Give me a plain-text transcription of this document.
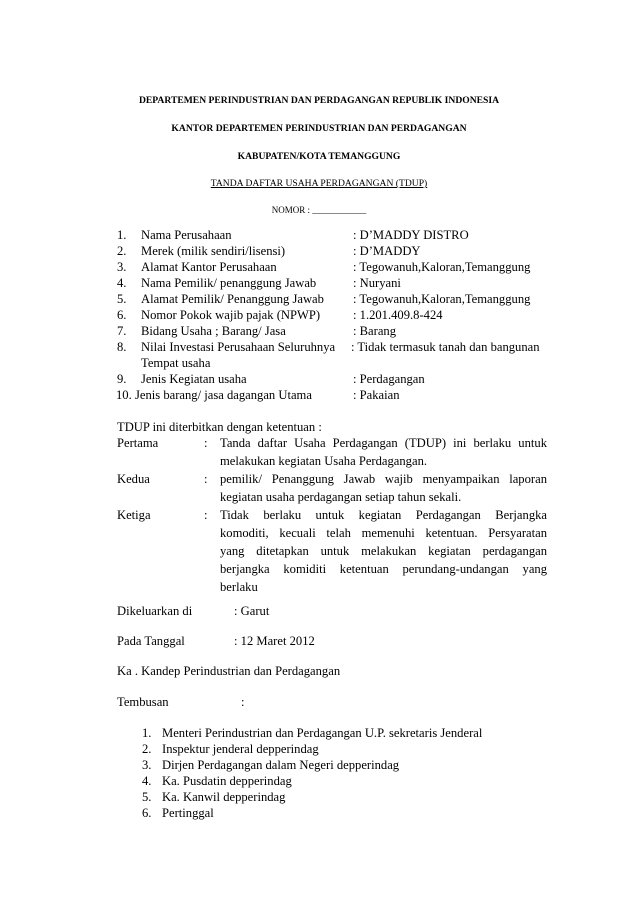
DEPARTEMEN PERINDUSTRIAN DAN PERDAGANGAN REPUBLIK INDONESIA
KANTOR DEPARTEMEN PERINDUSTRIAN DAN PERDAGANGAN
KABUPATEN/KOTA TEMANGGUNG
TANDA DAFTAR USAHA PERDAGANGAN (TDUP)
NOMOR : ____________
1. Nama Perusahaan	: D’MADDY DISTRO
2. Merek (milik sendiri/lisensi)	: D’MADDY
3. Alamat Kantor Perusahaan	: Tegowanuh,Kaloran,Temanggung
4. Nama Pemilik/ penanggung Jawab	: Nuryani
5. Alamat Pemilik/ Penanggung Jawab : Tegowanuh,Kaloran,Temanggung
6. Nomor Pokok wajib pajak (NPWP)	: 1.201.409.8-424
7. Bidang Usaha ; Barang/ Jasa	: Barang
8. Nilai Investasi Perusahaan Seluruhnya : Tidak termasuk tanah dan bangunan
Tempat usaha
9. Jenis Kegiatan usaha	: Perdagangan
10. Jenis barang/ jasa dagangan Utama	: Pakaian
TDUP ini diterbitkan dengan ketentuan :
Pertama	: Tanda daftar Usaha Perdagangan (TDUP) ini berlaku untuk
melakukan kegiatan Usaha Perdagangan.
Kedua	: pemilik/ Penanggung Jawab wajib menyampaikan laporan
kegiatan usaha perdagangan setiap tahun sekali.
Ketiga	: Tidak berlaku untuk kegiatan Perdagangan Berjangka
komoditi, kecuali telah memenuhi ketentuan. Persyaratan
yang ditetapkan untuk melakukan kegiatan perdagangan
berjangka komiditi ketentuan perundang-undangan yang
berlaku
Dikeluarkan di	: Garut
Pada Tanggal	: 12 Maret 2012
Ka . Kandep Perindustrian dan Perdagangan
Tembusan	:
1. Menteri Perindustrian dan Perdagangan U.P. sekretaris Jenderal
2. Inspektur jenderal depperindag
3. Dirjen Perdagangan dalam Negeri depperindag
4. Ka. Pusdatin depperindag
5. Ka. Kanwil depperindag
6. Pertinggal
